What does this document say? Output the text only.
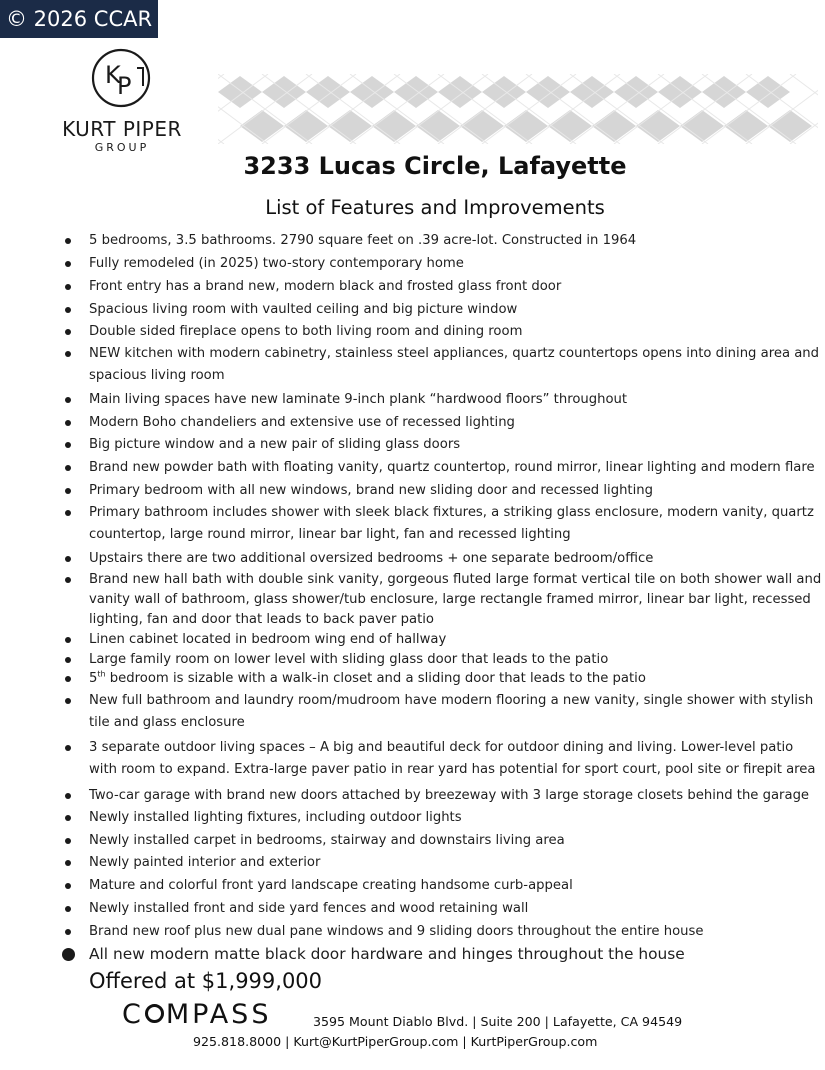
© 2026 CCAR
K
P
KURT PIPER
GROUP
3233 Lucas Circle, Lafayette
List of Features and Improvements
5 bedrooms, 3.5 bathrooms. 2790 square feet on .39 acre-lot. Constructed in 1964
Fully remodeled (in 2025) two-story contemporary home
Front entry has a brand new, modern black and frosted glass front door
Spacious living room with vaulted ceiling and big picture window
Double sided fireplace opens to both living room and dining room
NEW kitchen with modern cabinetry, stainless steel appliances, quartz countertops opens into dining area and
spacious living room
Main living spaces have new laminate 9-inch plank “hardwood floors” throughout
Modern Boho chandeliers and extensive use of recessed lighting
Big picture window and a new pair of sliding glass doors
Brand new powder bath with floating vanity, quartz countertop, round mirror, linear lighting and modern flare
Primary bedroom with all new windows, brand new sliding door and recessed lighting
Primary bathroom includes shower with sleek black fixtures, a striking glass enclosure, modern vanity, quartz
countertop, large round mirror, linear bar light, fan and recessed lighting
Upstairs there are two additional oversized bedrooms + one separate bedroom/office
Brand new hall bath with double sink vanity, gorgeous fluted large format vertical tile on both shower wall and
vanity wall of bathroom, glass shower/tub enclosure, large rectangle framed mirror, linear bar light, recessed
lighting, fan and door that leads to back paver patio
Linen cabinet located in bedroom wing end of hallway
Large family room on lower level with sliding glass door that leads to the patio
5th bedroom is sizable with a walk-in closet and a sliding door that leads to the patio
New full bathroom and laundry room/mudroom have modern flooring a new vanity, single shower with stylish
tile and glass enclosure
3 separate outdoor living spaces – A big and beautiful deck for outdoor dining and living. Lower-level patio
with room to expand. Extra-large paver patio in rear yard has potential for sport court, pool site or firepit area
Two-car garage with brand new doors attached by breezeway with 3 large storage closets behind the garage
Newly installed lighting fixtures, including outdoor lights
Newly installed carpet in bedrooms, stairway and downstairs living area
Newly painted interior and exterior
Mature and colorful front yard landscape creating handsome curb-appeal
Newly installed front and side yard fences and wood retaining wall
Brand new roof plus new dual pane windows and 9 sliding doors throughout the entire house
All new modern matte black door hardware and hinges throughout the house
Offered at $1,999,000
C MPASS	3595 Mount Diablo Blvd. | Suite 200 | Lafayette, CA 94549
925.818.8000 | Kurt@KurtPiperGroup.com | KurtPiperGroup.com
